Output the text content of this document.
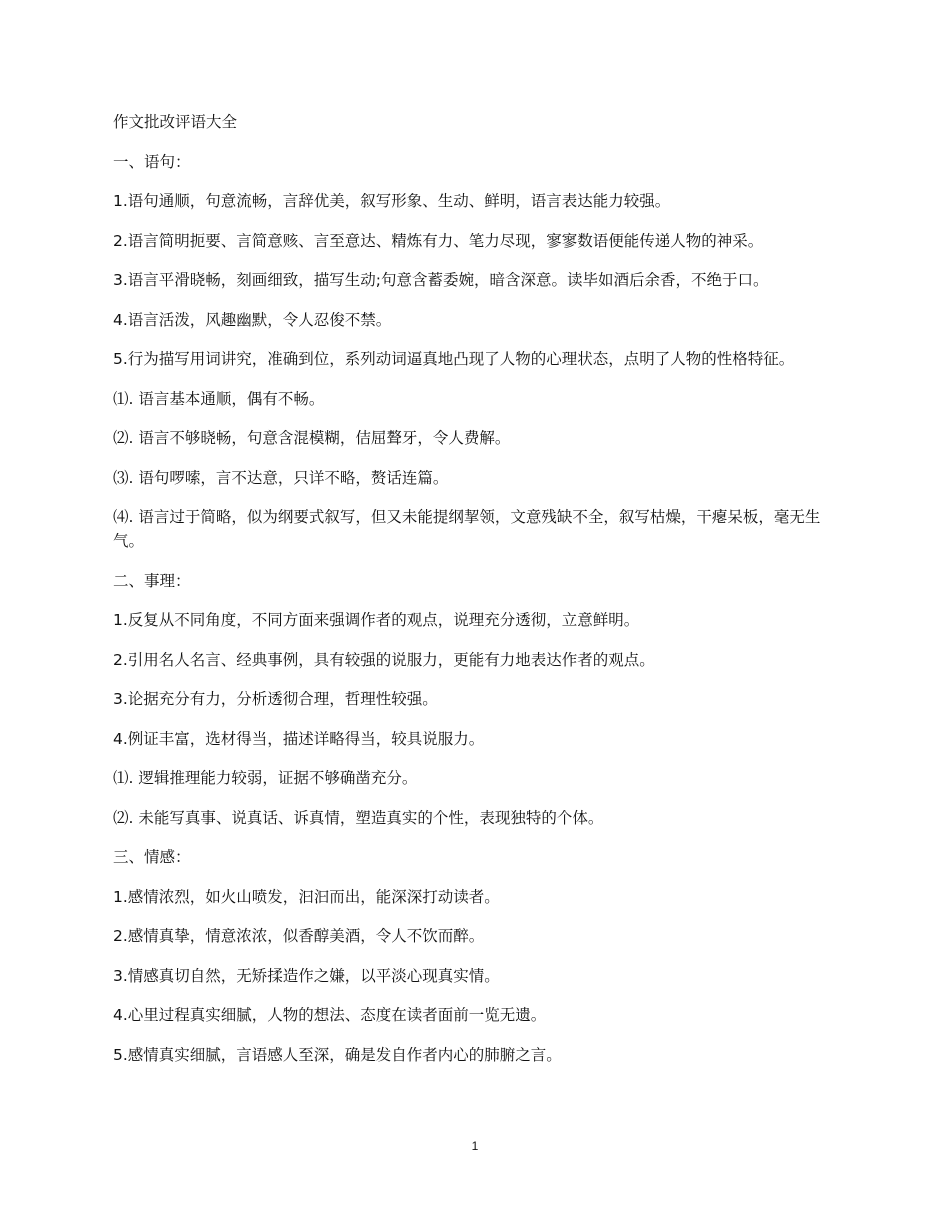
作文批改评语大全

一、语句：

1.语句通顺，句意流畅，言辞优美，叙写形象、生动、鲜明，语言表达能力较强。

2.语言简明扼要、言简意赅、言至意达、精炼有力、笔力尽现，寥寥数语便能传递人物的神采。

3.语言平滑晓畅，刻画细致，描写生动;句意含蓄委婉，暗含深意。读毕如酒后余香，不绝于口。

4.语言活泼，风趣幽默，令人忍俊不禁。

5.行为描写用词讲究，准确到位，系列动词逼真地凸现了人物的心理状态，点明了人物的性格特征。

⑴. 语言基本通顺，偶有不畅。

⑵. 语言不够晓畅，句意含混模糊，佶屈聱牙，令人费解。

⑶. 语句啰嗦，言不达意，只详不略，赘话连篇。

⑷. 语言过于简略，似为纲要式叙写，但又未能提纲挈领，文意残缺不全，叙写枯燥，干瘪呆板，毫无生气。

二、事理：

1.反复从不同角度，不同方面来强调作者的观点，说理充分透彻，立意鲜明。

2.引用名人名言、经典事例，具有较强的说服力，更能有力地表达作者的观点。

3.论据充分有力，分析透彻合理，哲理性较强。

4.例证丰富，选材得当，描述详略得当，较具说服力。

⑴. 逻辑推理能力较弱，证据不够确凿充分。

⑵. 未能写真事、说真话、诉真情，塑造真实的个性，表现独特的个体。

三、情感：

1.感情浓烈，如火山喷发，汩汩而出，能深深打动读者。

2.感情真挚，情意浓浓，似香醇美酒，令人不饮而醉。

3.情感真切自然，无矫揉造作之嫌，以平淡心现真实情。

4.心里过程真实细腻，人物的想法、态度在读者面前一览无遗。

5.感情真实细腻，言语感人至深，确是发自作者内心的肺腑之言。

1
